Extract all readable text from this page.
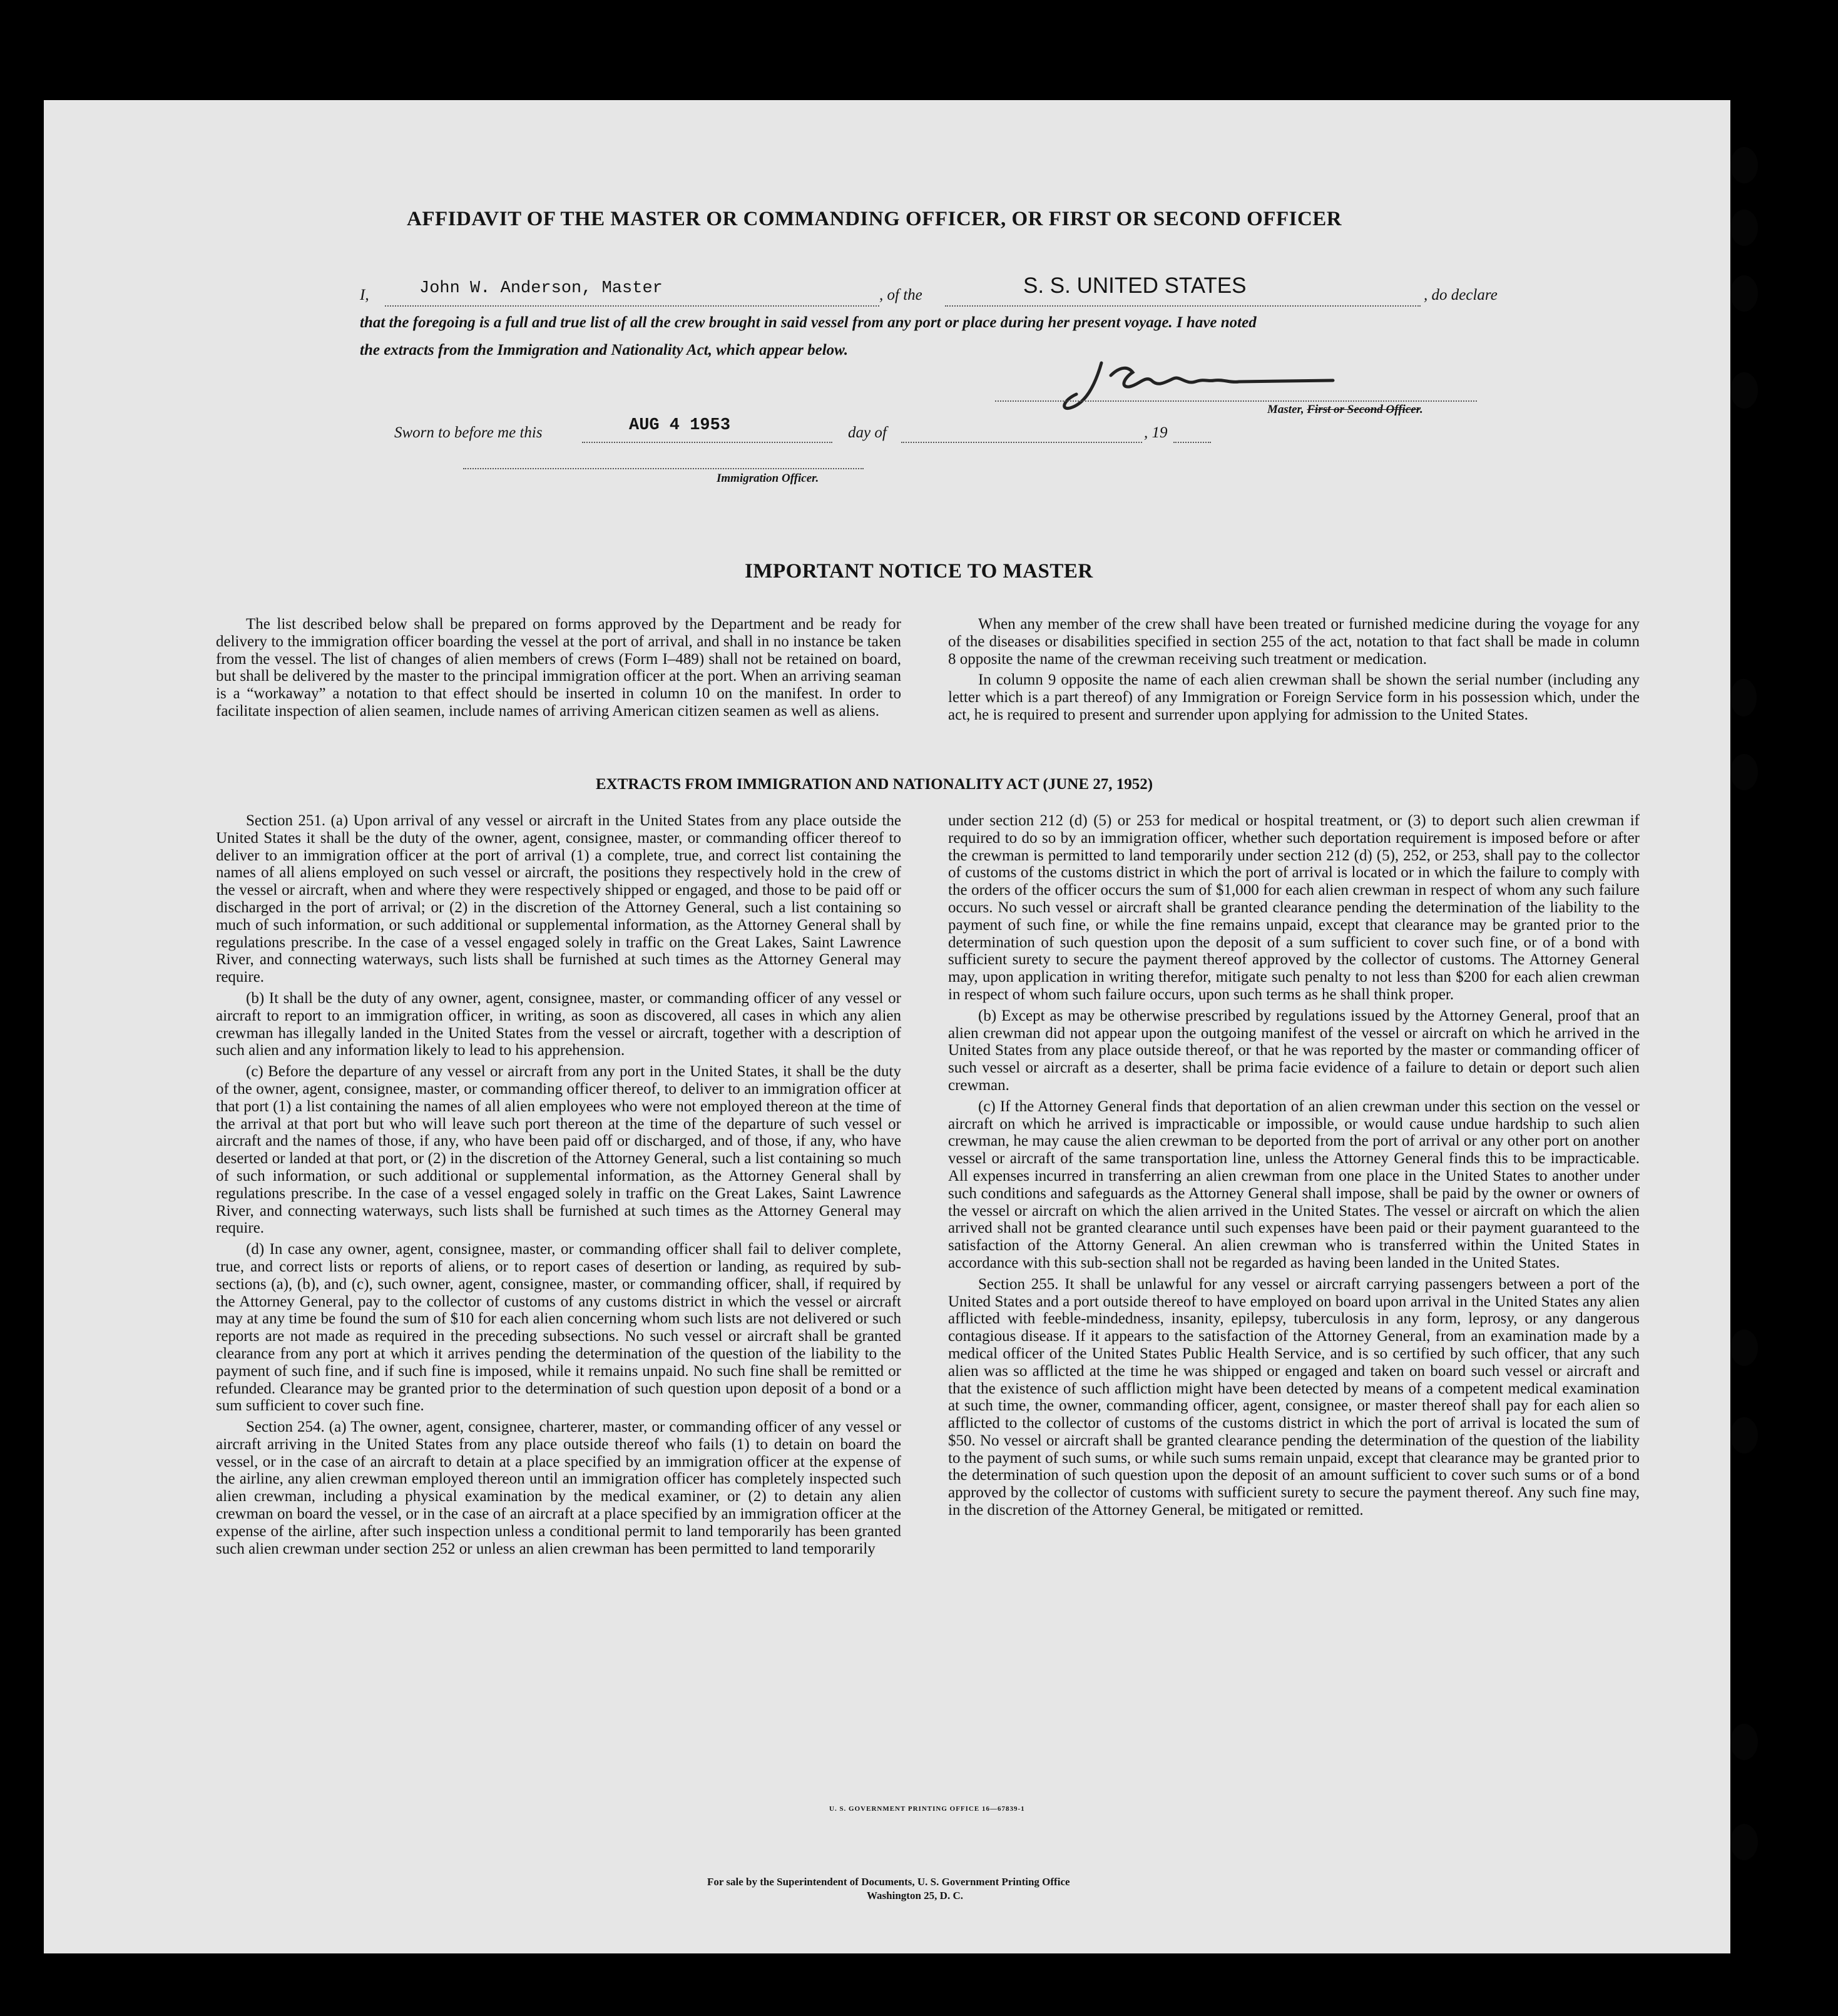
AFFIDAVIT OF THE MASTER OR COMMANDING OFFICER, OR FIRST OR SECOND OFFICER
I,	John W. Anderson, Master	, of the	S. S. UNITED STATES	, do declare
that the foregoing is a full and true list of all the crew brought in said vessel from any port or place during her present voyage. I have noted
the extracts from the Immigration and Nationality Act, which appear below.
Master, First or Second Officer.
Sworn to before me this	AUG 4 1953	day of	, 19
Immigration Officer.
IMPORTANT NOTICE TO MASTER

The list described below shall be prepared on forms approved by the Department and be ready for delivery to the immigration officer boarding the vessel at the port of arrival, and shall in no instance be taken from the vessel. The list of changes of alien members of crews (Form I–489) shall not be retained on board, but shall be delivered by the master to the principal immigration officer at the port. When an arriving seaman is a “workaway” a notation to that effect should be inserted in column 10 on the manifest. In order to facilitate inspection of alien seamen, include names of arriving American citizen seamen as well as aliens.

When any member of the crew shall have been treated or furnished medicine during the voyage for any of the diseases or disabilities specified in section 255 of the act, notation to that fact shall be made in column 8 opposite the name of the crewman receiving such treatment or medication.

In column 9 opposite the name of each alien crewman shall be shown the serial number (including any letter which is a part thereof) of any Immigration or Foreign Service form in his possession which, under the act, he is required to present and surrender upon applying for admission to the United States.

EXTRACTS FROM IMMIGRATION AND NATIONALITY ACT (JUNE 27, 1952)

Section 251. (a) Upon arrival of any vessel or aircraft in the United States from any place outside the United States it shall be the duty of the owner, agent, consignee, master, or commanding officer thereof to deliver to an immigration officer at the port of arrival (1) a complete, true, and correct list containing the names of all aliens employed on such vessel or aircraft, the positions they respectively hold in the crew of the vessel or aircraft, when and where they were respectively shipped or engaged, and those to be paid off or discharged in the port of arrival; or (2) in the discretion of the Attorney General, such a list containing so much of such information, or such additional or supplemental information, as the Attorney General shall by regulations prescribe. In the case of a vessel engaged solely in traffic on the Great Lakes, Saint Lawrence River, and connecting waterways, such lists shall be furnished at such times as the Attorney General may require.

(b) It shall be the duty of any owner, agent, consignee, master, or commanding officer of any vessel or aircraft to report to an immigration officer, in writing, as soon as discovered, all cases in which any alien crewman has illegally landed in the United States from the vessel or aircraft, together with a description of such alien and any information likely to lead to his apprehension.

(c) Before the departure of any vessel or aircraft from any port in the United States, it shall be the duty of the owner, agent, consignee, master, or commanding officer thereof, to deliver to an immigration officer at that port (1) a list containing the names of all alien employees who were not employed thereon at the time of the arrival at that port but who will leave such port thereon at the time of the departure of such vessel or aircraft and the names of those, if any, who have been paid off or discharged, and of those, if any, who have deserted or landed at that port, or (2) in the discretion of the Attorney General, such a list containing so much of such information, or such additional or supplemental information, as the Attorney General shall by regulations prescribe. In the case of a vessel engaged solely in traffic on the Great Lakes, Saint Lawrence River, and connecting waterways, such lists shall be furnished at such times as the Attorney General may require.

(d) In case any owner, agent, consignee, master, or commanding officer shall fail to deliver complete, true, and correct lists or reports of aliens, or to report cases of desertion or landing, as required by sub-sections (a), (b), and (c), such owner, agent, consignee, master, or commanding officer, shall, if required by the Attorney General, pay to the collector of customs of any customs district in which the vessel or aircraft may at any time be found the sum of $10 for each alien concerning whom such lists are not delivered or such reports are not made as required in the preceding subsections. No such vessel or aircraft shall be granted clearance from any port at which it arrives pending the determination of the question of the liability to the payment of such fine, and if such fine is imposed, while it remains unpaid. No such fine shall be remitted or refunded. Clearance may be granted prior to the determination of such question upon deposit of a bond or a sum sufficient to cover such fine.

Section 254. (a) The owner, agent, consignee, charterer, master, or commanding officer of any vessel or aircraft arriving in the United States from any place outside thereof who fails (1) to detain on board the vessel, or in the case of an aircraft to detain at a place specified by an immigration officer at the expense of the airline, any alien crewman employed thereon until an immigration officer has completely inspected such alien crewman, including a physical examination by the medical examiner, or (2) to detain any alien crewman on board the vessel, or in the case of an aircraft at a place specified by an immigration officer at the expense of the airline, after such inspection unless a conditional permit to land temporarily has been granted such alien crewman under section 252 or unless an alien crewman has been permitted to land temporarily

under section 212 (d) (5) or 253 for medical or hospital treatment, or (3) to deport such alien crewman if required to do so by an immigration officer, whether such deportation requirement is imposed before or after the crewman is permitted to land temporarily under section 212 (d) (5), 252, or 253, shall pay to the collector of customs of the customs district in which the port of arrival is located or in which the failure to comply with the orders of the officer occurs the sum of $1,000 for each alien crewman in respect of whom any such failure occurs. No such vessel or aircraft shall be granted clearance pending the determination of the liability to the payment of such fine, or while the fine remains unpaid, except that clearance may be granted prior to the determination of such question upon the deposit of a sum sufficient to cover such fine, or of a bond with sufficient surety to secure the payment thereof approved by the collector of customs. The Attorney General may, upon application in writing therefor, mitigate such penalty to not less than $200 for each alien crewman in respect of whom such failure occurs, upon such terms as he shall think proper.

(b) Except as may be otherwise prescribed by regulations issued by the Attorney General, proof that an alien crewman did not appear upon the outgoing manifest of the vessel or aircraft on which he arrived in the United States from any place outside thereof, or that he was reported by the master or commanding officer of such vessel or aircraft as a deserter, shall be prima facie evidence of a failure to detain or deport such alien crewman.

(c) If the Attorney General finds that deportation of an alien crewman under this section on the vessel or aircraft on which he arrived is impracticable or impossible, or would cause undue hardship to such alien crewman, he may cause the alien crewman to be deported from the port of arrival or any other port on another vessel or aircraft of the same transportation line, unless the Attorney General finds this to be impracticable. All expenses incurred in transferring an alien crewman from one place in the United States to another under such conditions and safeguards as the Attorney General shall impose, shall be paid by the owner or owners of the vessel or aircraft on which the alien arrived in the United States. The vessel or aircraft on which the alien arrived shall not be granted clearance until such expenses have been paid or their payment guaranteed to the satisfaction of the Attorny General. An alien crewman who is transferred within the United States in accordance with this sub-section shall not be regarded as having been landed in the United States.

Section 255. It shall be unlawful for any vessel or aircraft carrying passengers between a port of the United States and a port outside thereof to have employed on board upon arrival in the United States any alien afflicted with feeble-mindedness, insanity, epilepsy, tuberculosis in any form, leprosy, or any dangerous contagious disease. If it appears to the satisfaction of the Attorney General, from an examination made by a medical officer of the United States Public Health Service, and is so certified by such officer, that any such alien was so afflicted at the time he was shipped or engaged and taken on board such vessel or aircraft and that the existence of such affliction might have been detected by means of a competent medical examination at such time, the owner, commanding officer, agent, consignee, or master thereof shall pay for each alien so afflicted to the collector of customs of the customs district in which the port of arrival is located the sum of $50. No vessel or aircraft shall be granted clearance pending the determination of the question of the liability to the payment of such sums, or while such sums remain unpaid, except that clearance may be granted prior to the determination of such question upon the deposit of an amount sufficient to cover such sums or of a bond approved by the collector of customs with sufficient surety to secure the payment thereof. Any such fine may, in the discretion of the Attorney General, be mitigated or remitted.

U. S. GOVERNMENT PRINTING OFFICE 16—67839-1
For sale by the Superintendent of Documents, U. S. Government Printing Office
Washington 25, D. C.
